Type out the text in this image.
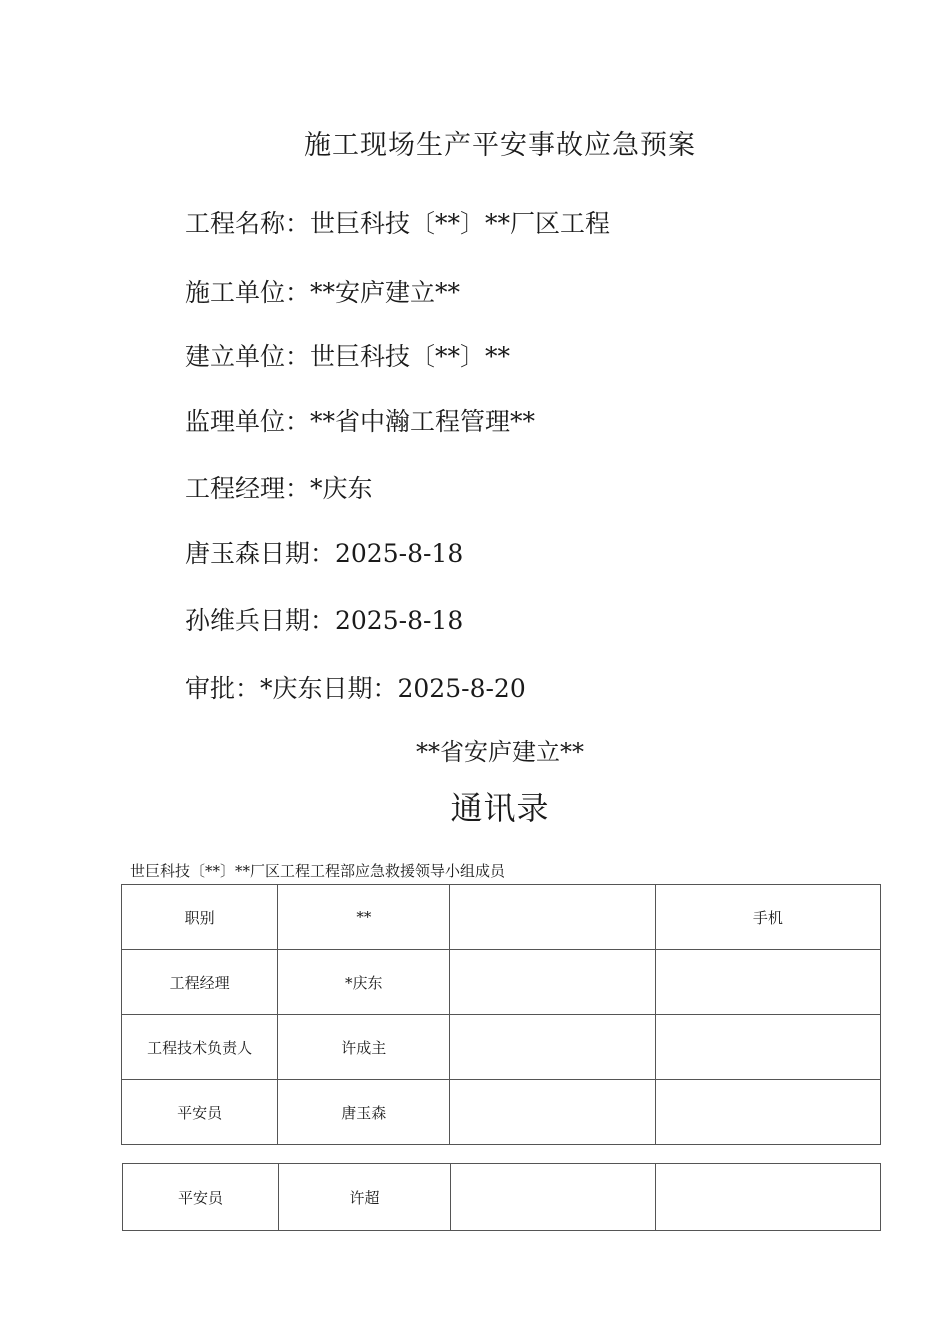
施工现场生产平安事故应急预案
工程名称：世巨科技〔**〕**厂区工程
施工单位：**安庐建立**
建立单位：世巨科技〔**〕**
监理单位：**省中瀚工程管理**
工程经理：*庆东
唐玉森日期：2025-8-18
孙维兵日期：2025-8-18
审批：*庆东日期：2025-8-20
**省安庐建立**
通讯录
世巨科技〔**〕**厂区工程工程部应急救援领导小组成员
职别	**		手机
工程经理	*庆东		
工程技术负责人	许成主		
平安员	唐玉森		
平安员	许超		
